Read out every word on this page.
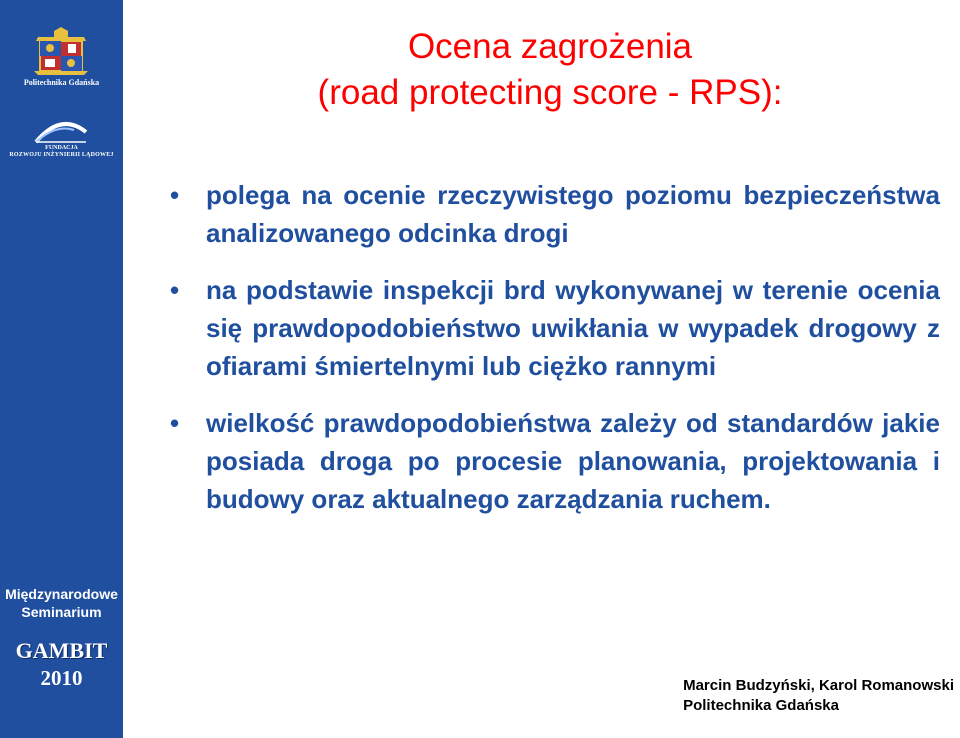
Politechnika Gdańska
FUNDACJA
ROZWOJU INŻYNIERII LĄDOWEJ
Międzynarodowe
Seminarium
GAMBIT
2010
Ocena zagrożenia
(road protecting score - RPS):
• polega na ocenie rzeczywistego poziomu bezpieczeństwa analizowanego odcinka drogi
• na podstawie inspekcji brd wykonywanej w terenie ocenia się prawdopodobieństwo uwikłania w wypadek drogowy z ofiarami śmiertelnymi lub ciężko rannymi
• wielkość prawdopodobieństwa zależy od standardów jakie posiada droga po procesie planowania, projektowania i budowy oraz aktualnego zarządzania ruchem.
Marcin Budzyński, Karol Romanowski
Politechnika Gdańska
